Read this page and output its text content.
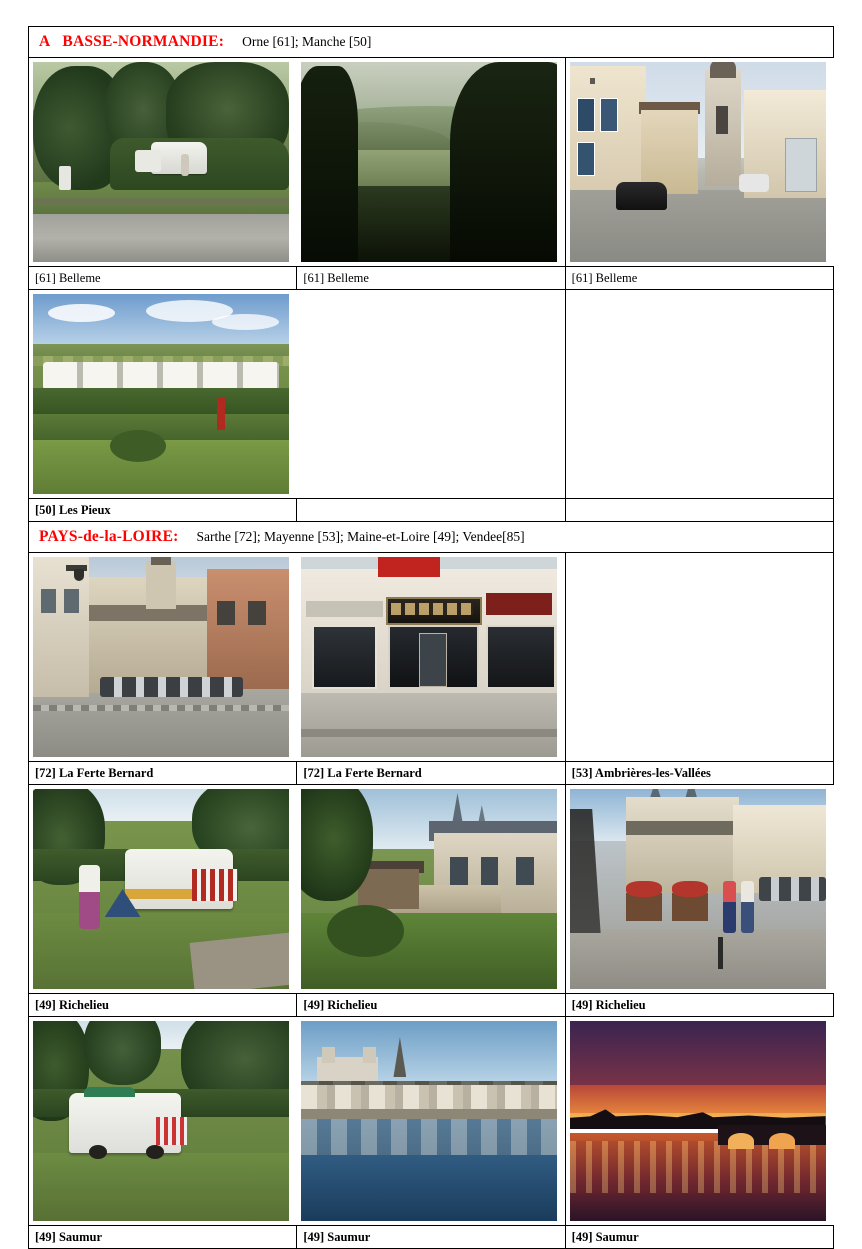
A BASSE-NORMANDIE: Orne [61]; Manche [50]		

[61] Belleme	[61] Belleme	[61] Belleme

[50] Les Pieux		
PAYS-de-la-LOIRE: Sarthe [72]; Mayenne [53]; Maine-et-Loire [49]; Vendee[85]		

[72] La Ferte Bernard	[72] La Ferte Bernard	[53] Ambrières-les-Vallées

[49] Richelieu	[49] Richelieu	[49] Richelieu

[49] Saumur	[49] Saumur	[49] Saumur
